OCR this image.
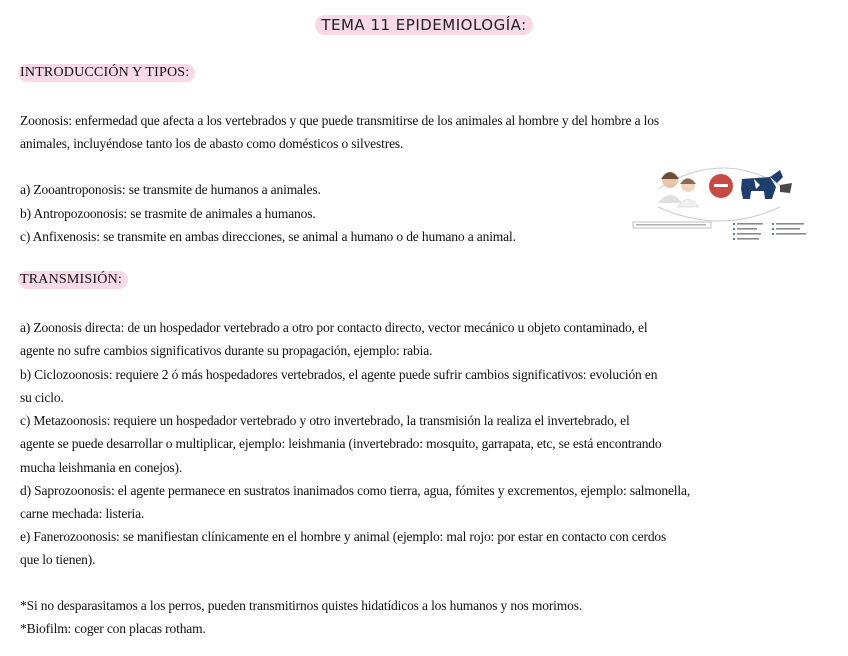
TEMA 11 EPIDEMIOLOGÍA:
INTRODUCCIÓN Y TIPOS:
Zoonosis: enfermedad que afecta a los vertebrados y que puede transmitirse de los animales al hombre y del hombre a los
animales, incluyéndose tanto los de abasto como domésticos o silvestres.
a) Zooantroponosis: se transmite de humanos a animales.
b) Antropozoonosis: se trasmite de animales a humanos.
c) Anfixenosis: se transmite en ambas direcciones, se animal a humano o de humano a animal.
TRANSMISIÓN:
a) Zoonosis directa: de un hospedador vertebrado a otro por contacto directo, vector mecánico u objeto contaminado, el
agente no sufre cambios significativos durante su propagación, ejemplo: rabia.
b) Ciclozoonosis: requiere 2 ó más hospedadores vertebrados, el agente puede sufrir cambios significativos: evolución en
su ciclo.
c) Metazoonosis: requiere un hospedador vertebrado y otro invertebrado, la transmisión la realiza el invertebrado, el
agente se puede desarrollar o multiplicar, ejemplo: leishmania (invertebrado: mosquito, garrapata, etc, se está encontrando
mucha leishmania en conejos).
d) Saprozoonosis: el agente permanece en sustratos inanimados como tierra, agua, fómites y excrementos, ejemplo: salmonella,
carne mechada: listeria.
e) Fanerozoonosis: se manifiestan clínicamente en el hombre y animal (ejemplo: mal rojo: por estar en contacto con cerdos
que lo tienen).
*Si no desparasitamos a los perros, pueden transmitirnos quistes hidatídicos a los humanos y nos morimos.
*Biofilm: coger con placas rotham.
